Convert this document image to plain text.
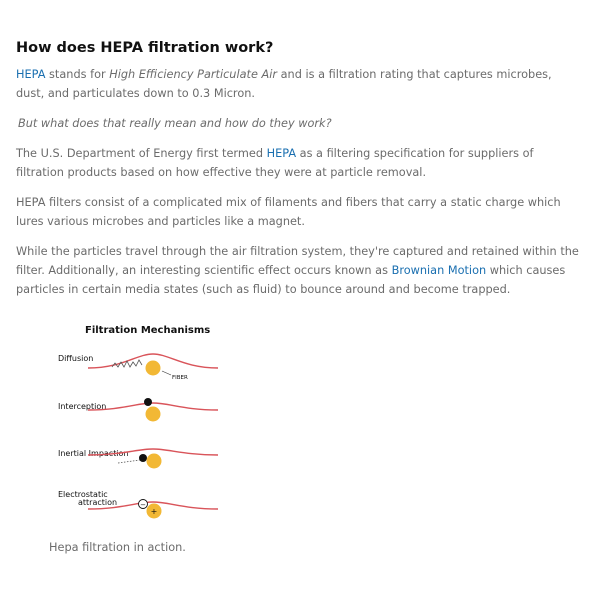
How does HEPA filtration work?

HEPA stands for High Efficiency Particulate Air and is a filtration rating that captures microbes, dust, and particulates down to 0.3 Micron.

But what does that really mean and how do they work?

The U.S. Department of Energy first termed HEPA as a filtering specification for suppliers of filtration products based on how effective they were at particle removal.

HEPA filters consist of a complicated mix of filaments and fibers that carry a static charge which lures various microbes and particles like a magnet.

While the particles travel through the air filtration system, they're captured and retained within the filter. Additionally, an interesting scientific effect occurs known as Brownian Motion which causes particles in certain media states (such as fluid) to bounce around and become trapped.

Filtration Mechanisms
Diffusion
FIBER
Interception
Inertial Impaction
Electrostatic
attraction	−
+
Hepa filtration in action.
